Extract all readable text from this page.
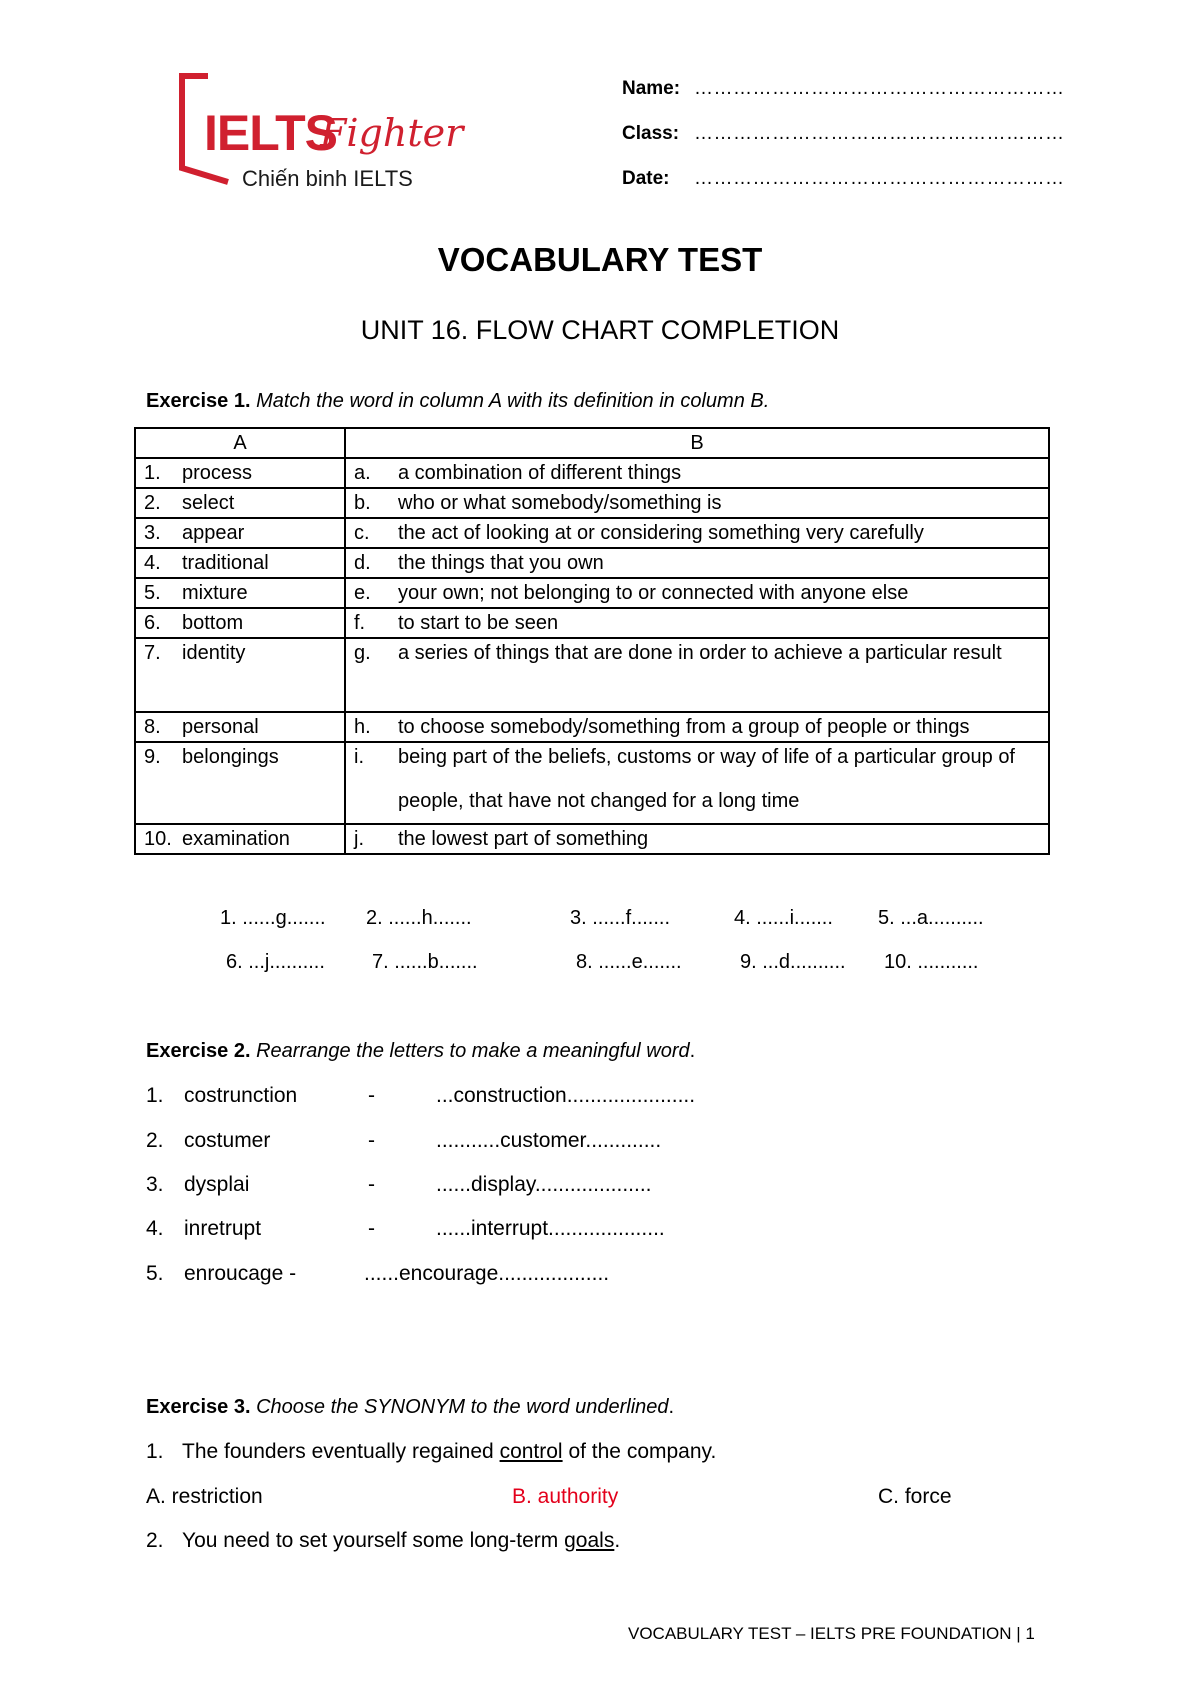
IELTS
Fighter
Chiến binh IELTS
Name: …………………………………………………
Class: …………………………………………………
Date: …………………………………………………
VOCABULARY TEST
UNIT 16. FLOW CHART COMPLETION
Exercise 1. Match the word in column A with its definition in column B.
A	B
1. process	a. a combination of different things
2. select	b. who or what somebody/something is
3. appear	c. the act of looking at or considering something very carefully
4. traditional	d. the things that you own
5. mixture	e. your own; not belonging to or connected with anyone else
6. bottom	f. to start to be seen
7. identity	g. a series of things that are done in order to achieve a particular result
8. personal	h. to choose somebody/something from a group of people or things
9. belongings	i. being part of the beliefs, customs or way of life of a particular group of people, that have not changed for a long time
10. examination	j. the lowest part of something
1. ......g....... 2. ......h.......	3. ......f.......	4. ......i....... 5. ...a..........
6. ...j.......... 7. ......b.......	8. ......e.......	9. ...d.......... 10. ...........
Exercise 2. Rearrange the letters to make a meaningful word.
1. costrunction	-	...construction......................
2. costumer	-	...........customer.............
3. dysplai	-	......display....................
4. inretrupt	-	......interrupt....................
5. enroucage -	......encourage...................
Exercise 3. Choose the SYNONYM to the word underlined.
1. The founders eventually regained control of the company.
A. restriction	B. authority	C. force
2. You need to set yourself some long-term goals.
VOCABULARY TEST – IELTS PRE FOUNDATION | 1
